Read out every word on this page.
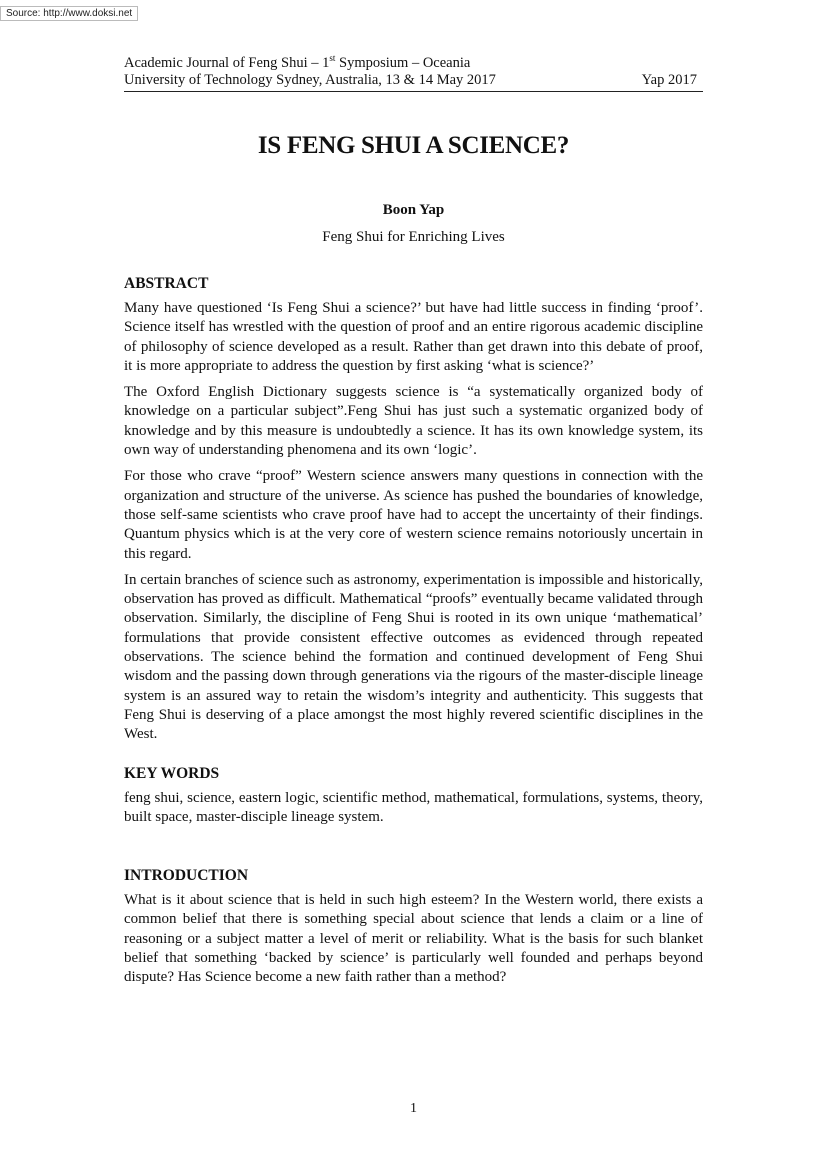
Source: http://www.doksi.net
Academic Journal of Feng Shui – 1st Symposium – Oceania
University of Technology Sydney, Australia, 13 & 14 May 2017	Yap 2017
IS FENG SHUI A SCIENCE?
Boon Yap
Feng Shui for Enriching Lives
ABSTRACT

Many have questioned ‘Is Feng Shui a science?’ but have had little success in finding ‘proof’. Science itself has wrestled with the question of proof and an entire rigorous academic discipline of philosophy of science developed as a result. Rather than get drawn into this debate of proof, it is more appropriate to address the question by first asking ‘what is science?’

The Oxford English Dictionary suggests science is “a systematically organized body of knowledge on a particular subject”.Feng Shui has just such a systematic organized body of knowledge and by this measure is undoubtedly a science. It has its own knowledge system, its own way of understanding phenomena and its own ‘logic’.

For those who crave “proof” Western science answers many questions in connection with the organization and structure of the universe. As science has pushed the boundaries of knowledge, those self-same scientists who crave proof have had to accept the uncertainty of their findings. Quantum physics which is at the very core of western science remains notoriously uncertain in this regard.

In certain branches of science such as astronomy, experimentation is impossible and historically, observation has proved as difficult. Mathematical “proofs” eventually became validated through observation. Similarly, the discipline of Feng Shui is rooted in its own unique ‘mathematical’ formulations that provide consistent effective outcomes as evidenced through repeated observations. The science behind the formation and continued development of Feng Shui wisdom and the passing down through generations via the rigours of the master-disciple lineage system is an assured way to retain the wisdom’s integrity and authenticity. This suggests that Feng Shui is deserving of a place amongst the most highly revered scientific disciplines in the West.

KEY WORDS

feng shui, science, eastern logic, scientific method, mathematical, formulations, systems, theory, built space, master-disciple lineage system.

INTRODUCTION

What is it about science that is held in such high esteem? In the Western world, there exists a common belief that there is something special about science that lends a claim or a line of reasoning or a subject matter a level of merit or reliability. What is the basis for such blanket belief that something ‘backed by science’ is particularly well founded and perhaps beyond dispute? Has Science become a new faith rather than a method?

1
